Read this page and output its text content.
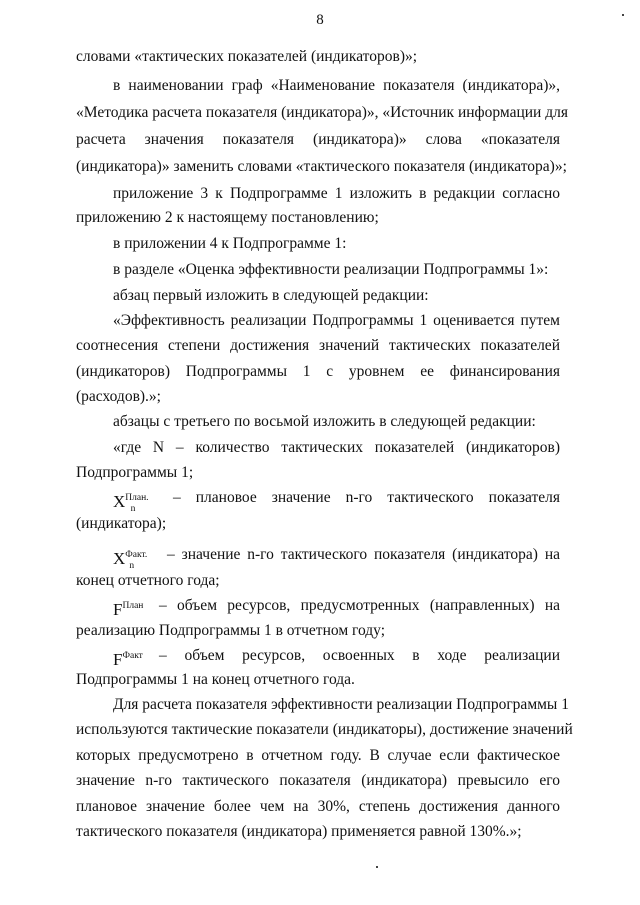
8
словами «тактических показателей (индикаторов)»;
в наименовании граф «Наименование показателя (индикатора)»,
«Методика расчета показателя (индикатора)», «Источник информации для
расчета значения показателя (индикатора)» слова «показателя
(индикатора)» заменить словами «тактического показателя (индикатора)»;
приложение 3 к Подпрограмме 1 изложить в редакции согласно
приложению 2 к настоящему постановлению;
в приложении 4 к Подпрограмме 1:
в разделе «Оценка эффективности реализации Подпрограммы 1»:
абзац первый изложить в следующей редакции:
«Эффективность реализации Подпрограммы 1 оценивается путем
соотнесения степени достижения значений тактических показателей
(индикаторов) Подпрограммы 1 с уровнем ее финансирования
(расходов).»;
абзацы с третьего по восьмой изложить в следующей редакции:
«где N – количество тактических показателей (индикаторов)
Подпрограммы 1;
$X^{План.}_n$
– плановое значение n-го тактического показателя
(индикатора);
$X^{Факт.}_n$
– значение n-го тактического показателя (индикатора) на
конец отчетного года;
$F^{План}$	– объем ресурсов, предусмотренных (направленных) на
реализацию Подпрограммы 1 в отчетном году;
$F^{Факт}$	– объем ресурсов, освоенных в ходе реализации
Подпрограммы 1 на конец отчетного года.
Для расчета показателя эффективности реализации Подпрограммы 1
используются тактические показатели (индикаторы), достижение значений
которых предусмотрено в отчетном году. В случае если фактическое
значение n-го тактического показателя (индикатора) превысило его
плановое значение более чем на 30%, степень достижения данного
тактического показателя (индикатора) применяется равной 130%.»;
